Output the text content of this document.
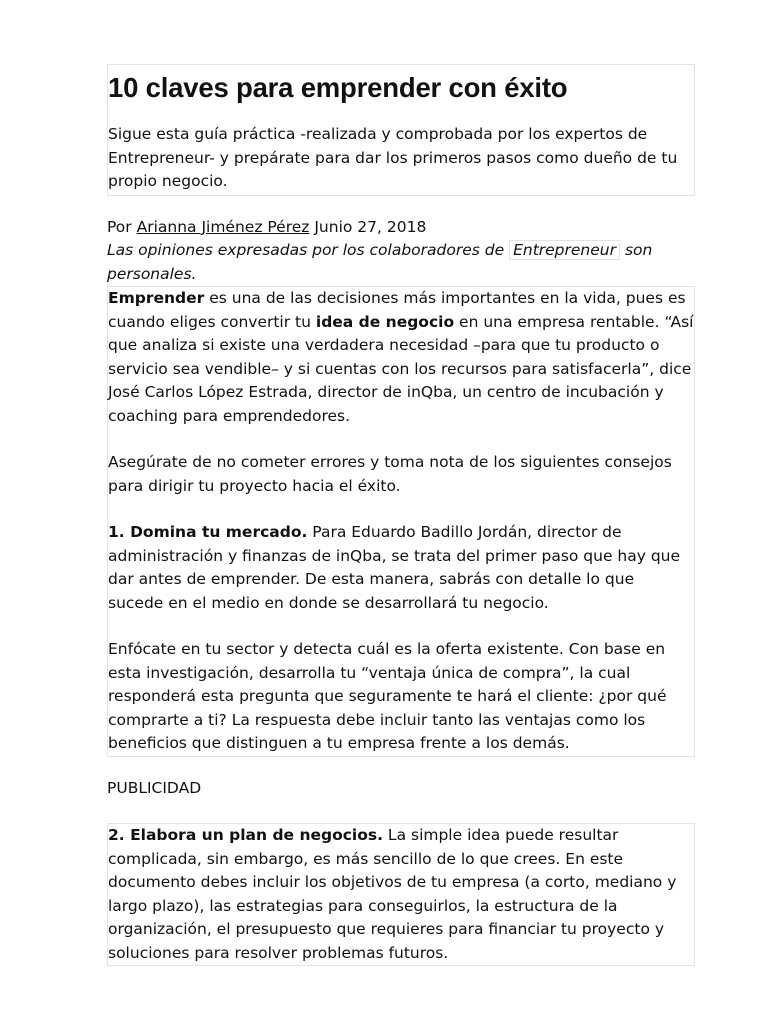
10 claves para emprender con éxito

Sigue esta guía práctica -realizada y comprobada por los expertos de Entrepreneur- y prepárate para dar los primeros pasos como dueño de tu propio negocio.

Por Arianna Jiménez Pérez Junio 27, 2018

Las opiniones expresadas por los colaboradores de Entrepreneur son personales.

Emprender es una de las decisiones más importantes en la vida, pues es cuando eliges convertir tu idea de negocio en una empresa rentable. “Así que analiza si existe una verdadera necesidad –para que tu producto o servicio sea vendible– y si cuentas con los recursos para satisfacerla”, dice José Carlos López Estrada, director de inQba, un centro de incubación y coaching para emprendedores.

Asegúrate de no cometer errores y toma nota de los siguientes consejos para dirigir tu proyecto hacia el éxito.

1. Domina tu mercado. Para Eduardo Badillo Jordán, director de administración y finanzas de inQba, se trata del primer paso que hay que dar antes de emprender. De esta manera, sabrás con detalle lo que sucede en el medio en donde se desarrollará tu negocio.

Enfócate en tu sector y detecta cuál es la oferta existente. Con base en esta investigación, desarrolla tu “ventaja única de compra”, la cual responderá esta pregunta que seguramente te hará el cliente: ¿por qué comprarte a ti? La respuesta debe incluir tanto las ventajas como los beneficios que distinguen a tu empresa frente a los demás.

PUBLICIDAD

2. Elabora un plan de negocios. La simple idea puede resultar complicada, sin embargo, es más sencillo de lo que crees. En este documento debes incluir los objetivos de tu empresa (a corto, mediano y largo plazo), las estrategias para conseguirlos, la estructura de la organización, el presupuesto que requieres para financiar tu proyecto y soluciones para resolver problemas futuros.
